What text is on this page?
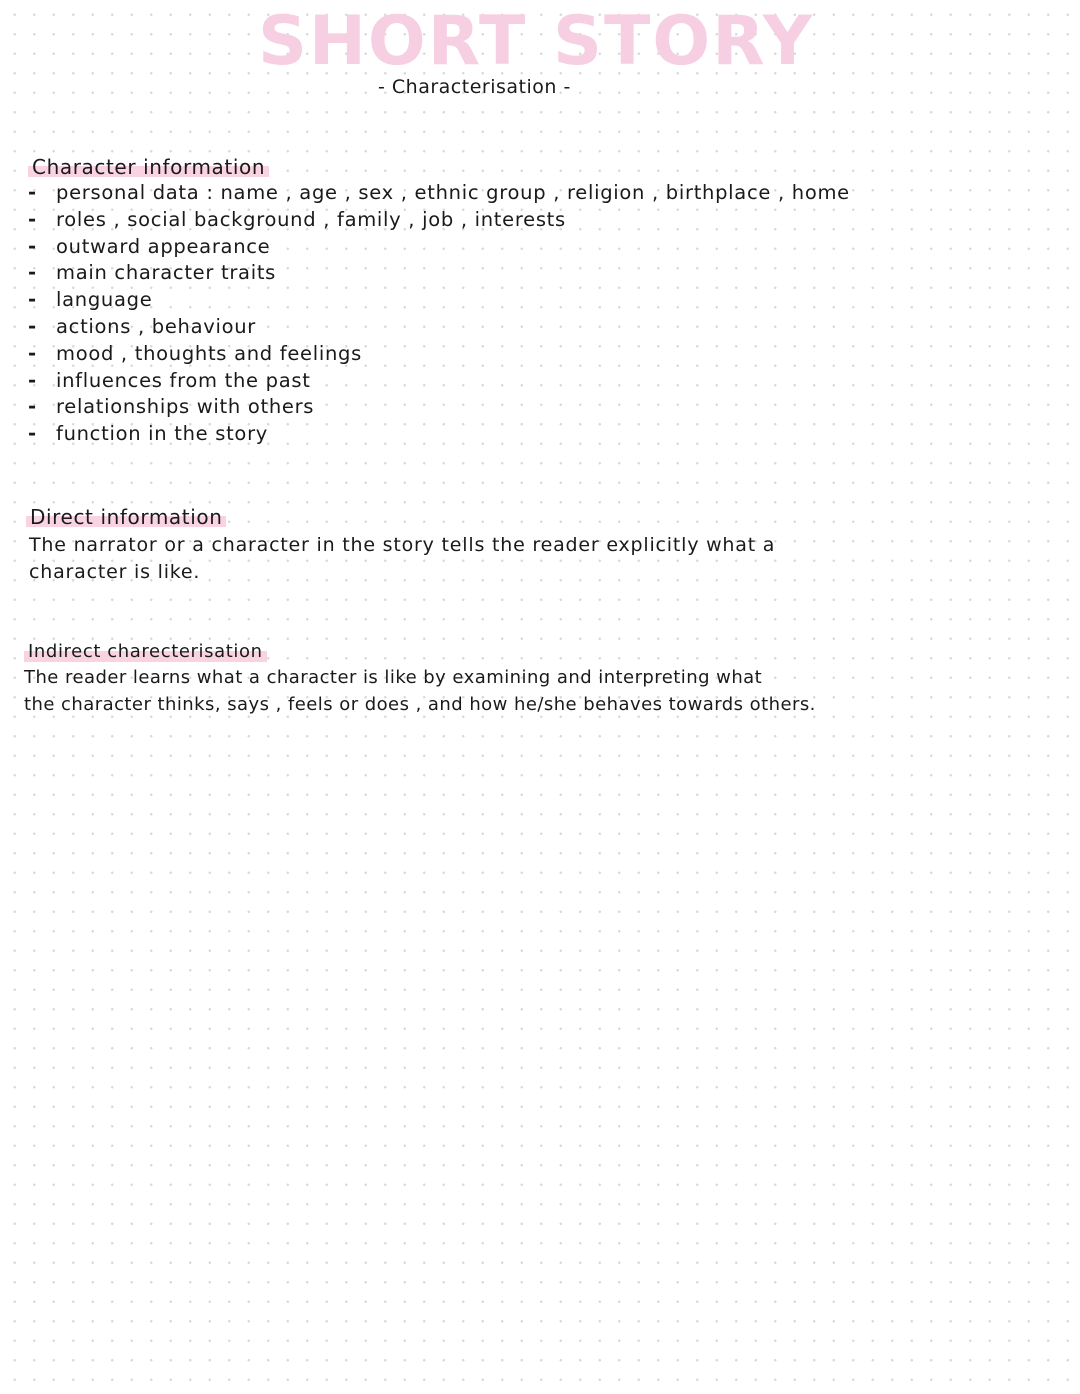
SHORT STORY
- Characterisation -
Character information
- personal data : name , age , sex , ethnic group , religion , birthplace , home
- roles , social background , family , job , interests
- outward appearance
- main character traits
- language
- actions , behaviour
- mood , thoughts and feelings
- influences from the past
- relationships with others
- function in the story
Direct information
The narrator or a character in the story tells the reader explicitly what a
character is like.
Indirect charecterisation
The reader learns what a character is like by examining and interpreting what
the character thinks, says , feels or does , and how he/she behaves towards others.
